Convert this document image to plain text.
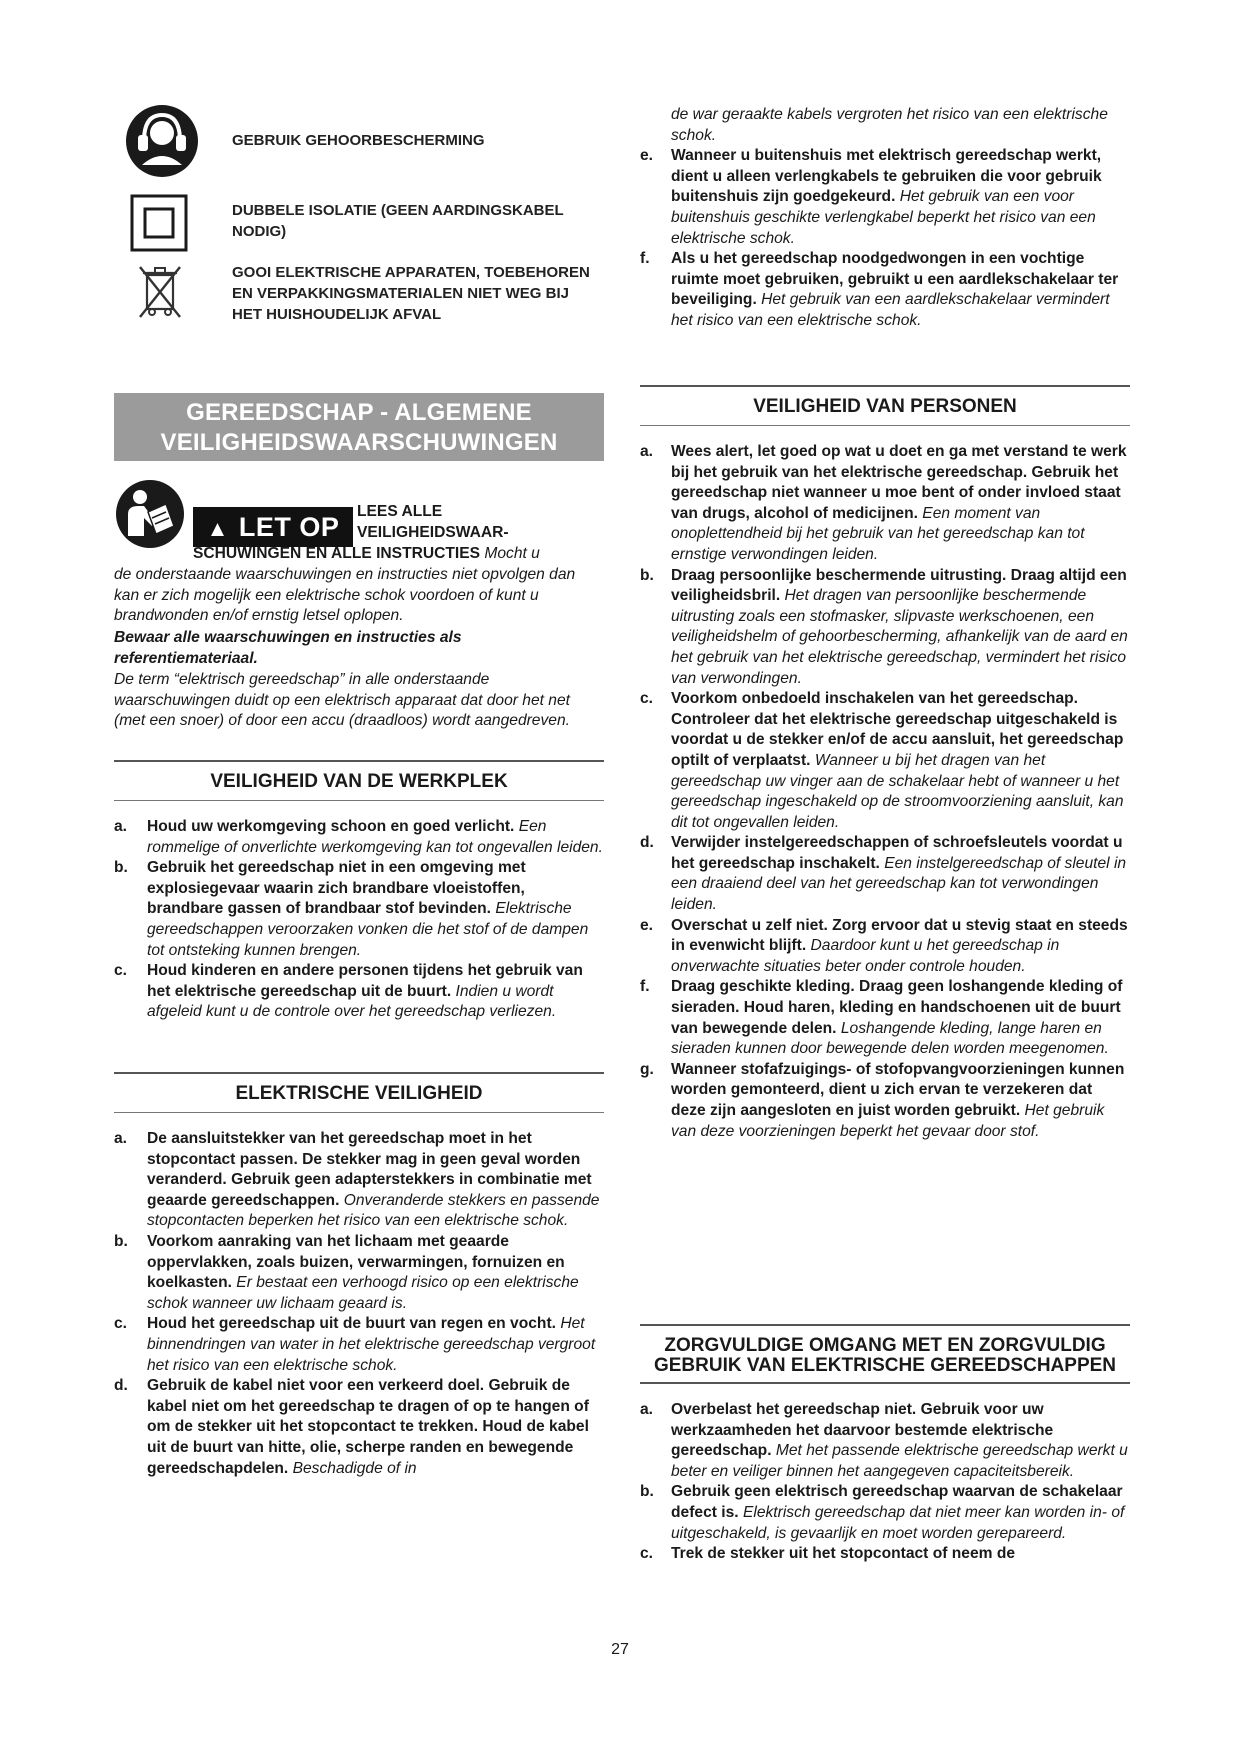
GEBRUIK GEHOORBESCHERMING
DUBBELE ISOLATIE (GEEN AARDINGSKABEL NODIG)
GOOI ELEKTRISCHE APPARATEN, TOEBEHOREN EN VERPAKKINGSMATERIALEN NIET WEG BIJ HET HUISHOUDELIJK AFVAL
GEREEDSCHAP - ALGEMENE
VEILIGHEIDSWAARSCHUWINGEN
▲ LET OP
LEES ALLE
VEILIGHEIDSWAAR-
SCHUWINGEN EN ALLE INSTRUCTIES Mocht u
de onderstaande waarschuwingen en instructies niet opvolgen dan kan er zich mogelijk een elektrische schok voordoen of kunt u brandwonden en/of ernstig letsel oplopen.
Bewaar alle waarschuwingen en instructies als referentiemateriaal.
De term “elektrisch gereedschap” in alle onderstaande waarschuwingen duidt op een elektrisch apparaat dat door het net (met een snoer) of door een accu (draadloos) wordt aangedreven.
VEILIGHEID VAN DE WERKPLEK
a. Houd uw werkomgeving schoon en goed verlicht. Een rommelige of onverlichte werkomgeving kan tot ongevallen leiden.
b. Gebruik het gereedschap niet in een omgeving met explosiegevaar waarin zich brandbare vloeistoffen, brandbare gassen of brandbaar stof bevinden. Elektrische gereedschappen veroorzaken vonken die het stof of de dampen tot ontsteking kunnen brengen.
c. Houd kinderen en andere personen tijdens het gebruik van het elektrische gereedschap uit de buurt. Indien u wordt afgeleid kunt u de controle over het gereedschap verliezen.
ELEKTRISCHE VEILIGHEID
a. De aansluitstekker van het gereedschap moet in het stopcontact passen. De stekker mag in geen geval worden veranderd. Gebruik geen adapterstekkers in combinatie met geaarde gereedschappen. Onveranderde stekkers en passende stopcontacten beperken het risico van een elektrische schok.
b. Voorkom aanraking van het lichaam met geaarde oppervlakken, zoals buizen, verwarmingen, fornuizen en koelkasten. Er bestaat een verhoogd risico op een elektrische schok wanneer uw lichaam geaard is.
c. Houd het gereedschap uit de buurt van regen en vocht. Het binnendringen van water in het elektrische gereedschap vergroot het risico van een elektrische schok.
d. Gebruik de kabel niet voor een verkeerd doel. Gebruik de kabel niet om het gereedschap te dragen of op te hangen of om de stekker uit het stopcontact te trekken. Houd de kabel uit de buurt van hitte, olie, scherpe randen en bewegende gereedschapdelen. Beschadigde of in
de war geraakte kabels vergroten het risico van een elektrische schok.
e. Wanneer u buitenshuis met elektrisch gereedschap werkt, dient u alleen verlengkabels te gebruiken die voor gebruik buitenshuis zijn goedgekeurd. Het gebruik van een voor buitenshuis geschikte verlengkabel beperkt het risico van een elektrische schok.
f. Als u het gereedschap noodgedwongen in een vochtige ruimte moet gebruiken, gebruikt u een aardlekschakelaar ter beveiliging. Het gebruik van een aardlekschakelaar vermindert het risico van een elektrische schok.
VEILIGHEID VAN PERSONEN
a. Wees alert, let goed op wat u doet en ga met verstand te werk bij het gebruik van het elektrische gereedschap. Gebruik het gereedschap niet wanneer u moe bent of onder invloed staat van drugs, alcohol of medicijnen. Een moment van onoplettendheid bij het gebruik van het gereedschap kan tot ernstige verwondingen leiden.
b. Draag persoonlijke beschermende uitrusting. Draag altijd een veiligheidsbril. Het dragen van persoonlijke beschermende uitrusting zoals een stofmasker, slipvaste werkschoenen, een veiligheidshelm of gehoorbescherming, afhankelijk van de aard en het gebruik van het elektrische gereedschap, vermindert het risico van verwondingen.
c. Voorkom onbedoeld inschakelen van het gereedschap. Controleer dat het elektrische gereedschap uitgeschakeld is voordat u de stekker en/of de accu aansluit, het gereedschap optilt of verplaatst. Wanneer u bij het dragen van het gereedschap uw vinger aan de schakelaar hebt of wanneer u het gereedschap ingeschakeld op de stroomvoorziening aansluit, kan dit tot ongevallen leiden.
d. Verwijder instelgereedschappen of schroefsleutels voordat u het gereedschap inschakelt. Een instelgereedschap of sleutel in een draaiend deel van het gereedschap kan tot verwondingen leiden.
e. Overschat u zelf niet. Zorg ervoor dat u stevig staat en steeds in evenwicht blijft. Daardoor kunt u het gereedschap in onverwachte situaties beter onder controle houden.
f. Draag geschikte kleding. Draag geen loshangende kleding of sieraden. Houd haren, kleding en handschoenen uit de buurt van bewegende delen. Loshangende kleding, lange haren en sieraden kunnen door bewegende delen worden meegenomen.
g. Wanneer stofafzuigings- of stofopvangvoorzieningen kunnen worden gemonteerd, dient u zich ervan te verzekeren dat deze zijn aangesloten en juist worden gebruikt. Het gebruik van deze voorzieningen beperkt het gevaar door stof.
ZORGVULDIGE OMGANG MET EN ZORGVULDIG
GEBRUIK VAN ELEKTRISCHE GEREEDSCHAPPEN
a. Overbelast het gereedschap niet. Gebruik voor uw werkzaamheden het daarvoor bestemde elektrische gereedschap. Met het passende elektrische gereedschap werkt u beter en veiliger binnen het aangegeven capaciteitsbereik.
b. Gebruik geen elektrisch gereedschap waarvan de schakelaar defect is. Elektrisch gereedschap dat niet meer kan worden in- of uitgeschakeld, is gevaarlijk en moet worden gerepareerd.
c. Trek de stekker uit het stopcontact of neem de
27
